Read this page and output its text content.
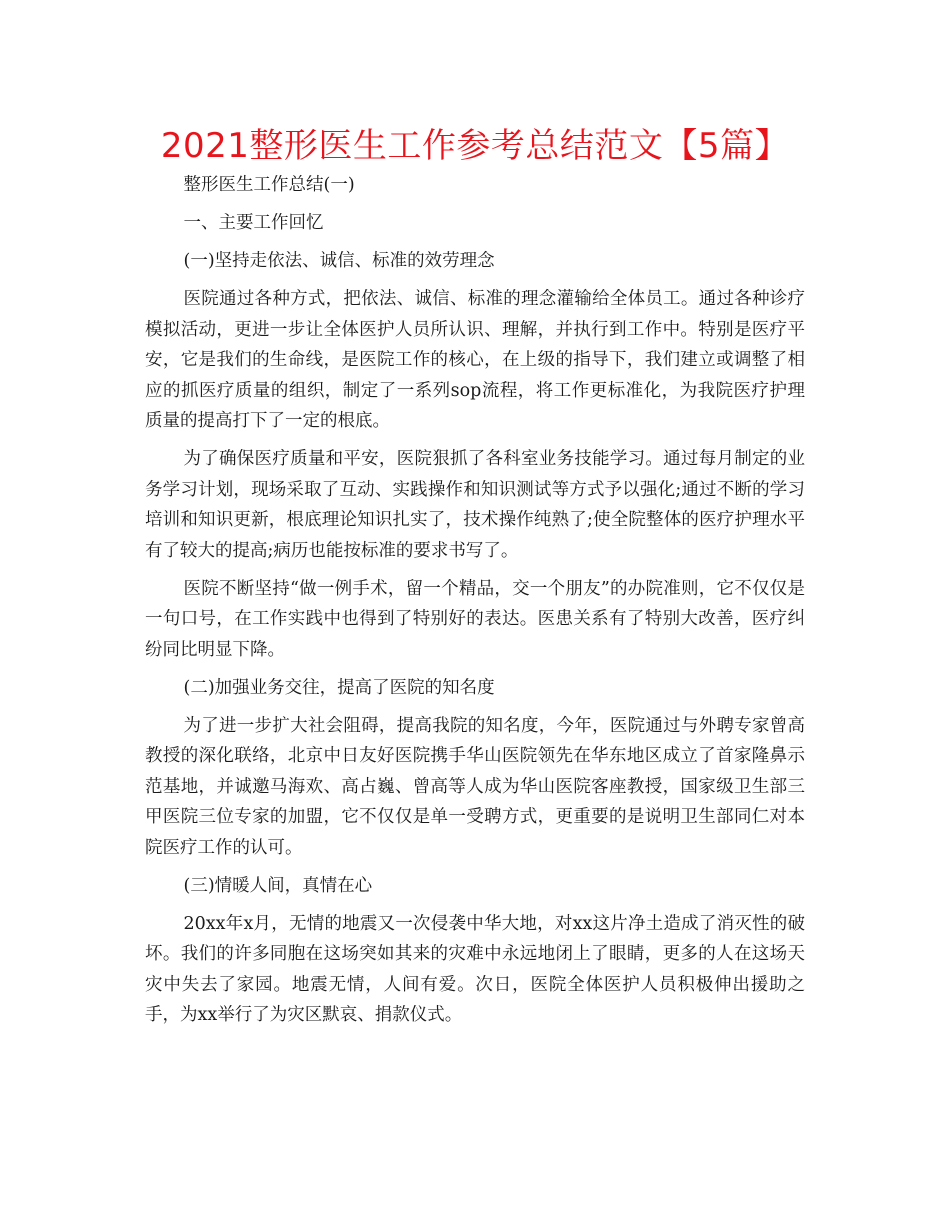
2021整形医生工作参考总结范文【5篇】

整形医生工作总结(一)

一、主要工作回忆

(一)坚持走依法、诚信、标准的效劳理念

医院通过各种方式，把依法、诚信、标准的理念灌输给全体员工。通过各种诊疗模拟活动，更进一步让全体医护人员所认识、理解，并执行到工作中。特别是医疗平安，它是我们的生命线，是医院工作的核心，在上级的指导下，我们建立或调整了相应的抓医疗质量的组织，制定了一系列sop流程，将工作更标准化，为我院医疗护理质量的提高打下了一定的根底。

为了确保医疗质量和平安，医院狠抓了各科室业务技能学习。通过每月制定的业务学习计划，现场采取了互动、实践操作和知识测试等方式予以强化;通过不断的学习培训和知识更新，根底理论知识扎实了，技术操作纯熟了;使全院整体的医疗护理水平有了较大的提高;病历也能按标准的要求书写了。

医院不断坚持“做一例手术，留一个精品，交一个朋友”的办院准则，它不仅仅是一句口号，在工作实践中也得到了特别好的表达。医患关系有了特别大改善，医疗纠纷同比明显下降。

(二)加强业务交往，提高了医院的知名度

为了进一步扩大社会阻碍，提高我院的知名度，今年，医院通过与外聘专家曾高教授的深化联络，北京中日友好医院携手华山医院领先在华东地区成立了首家隆鼻示范基地，并诚邀马海欢、高占巍、曾高等人成为华山医院客座教授，国家级卫生部三甲医院三位专家的加盟，它不仅仅是单一受聘方式，更重要的是说明卫生部同仁对本院医疗工作的认可。

(三)情暖人间，真情在心

20xx年x月，无情的地震又一次侵袭中华大地，对xx这片净土造成了消灭性的破坏。我们的许多同胞在这场突如其来的灾难中永远地闭上了眼睛，更多的人在这场天灾中失去了家园。地震无情，人间有爱。次日，医院全体医护人员积极伸出援助之手，为xx举行了为灾区默哀、捐款仪式。
